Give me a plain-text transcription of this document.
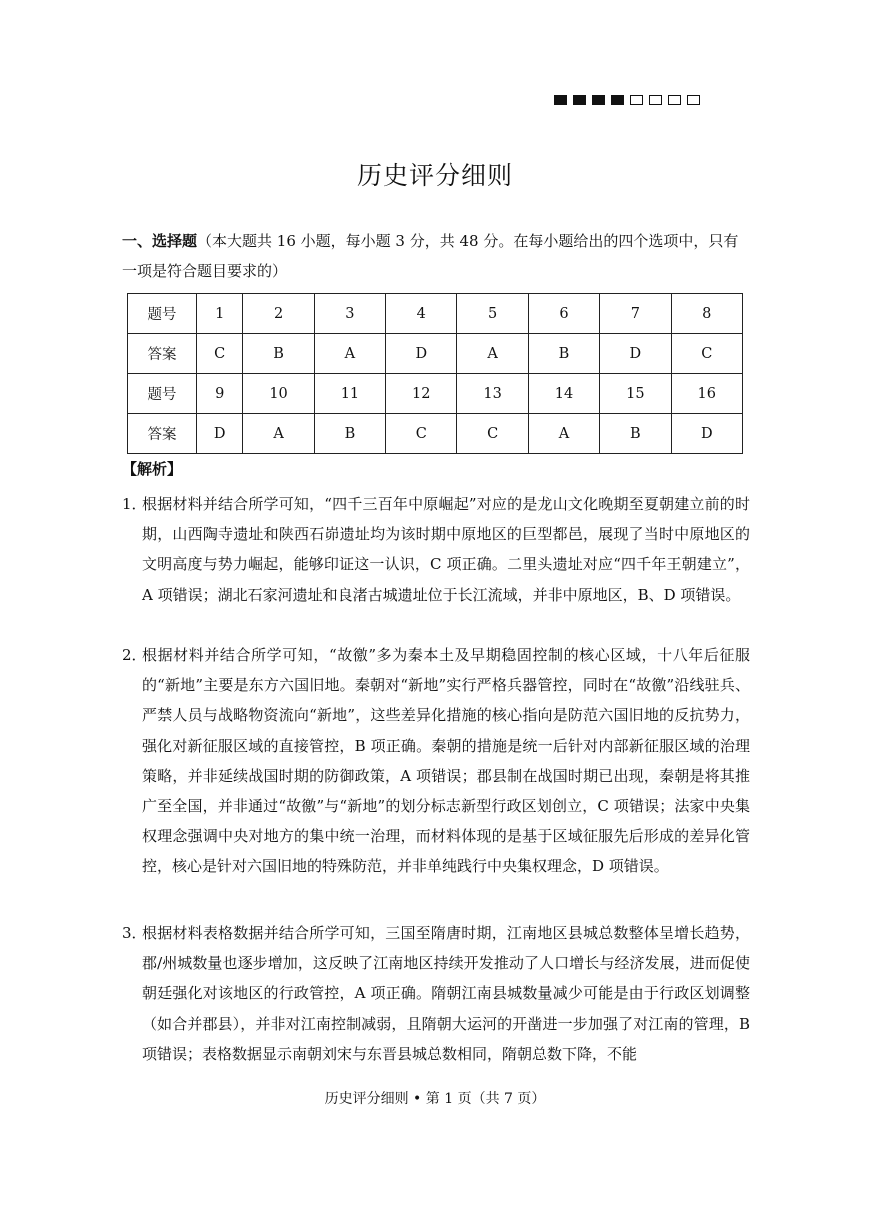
历史评分细则
一、选择题（本大题共 16 小题，每小题 3 分，共 48 分。在每小题给出的四个选项中，只有一项是符合题目要求的）
题号	1	2	3	4	5	6	7	8
答案	C	B	A	D	A	B	D	C
题号	9	10	11	12	13	14	15	16
答案	D	A	B	C	C	A	B	D
【解析】
1．
根据材料并结合所学可知，“四千三百年中原崛起”对应的是龙山文化晚期至夏朝建立前的时期，山西陶寺遗址和陕西石峁遗址均为该时期中原地区的巨型都邑，展现了当时中原地区的文明高度与势力崛起，能够印证这一认识，C 项正确。二里头遗址对应“四千年王朝建立”，A 项错误；湖北石家河遗址和良渚古城遗址位于长江流域，并非中原地区，B、D 项错误。
2．
根据材料并结合所学可知，“故徼”多为秦本土及早期稳固控制的核心区域，十八年后征服的“新地”主要是东方六国旧地。秦朝对“新地”实行严格兵器管控，同时在“故徼”沿线驻兵、严禁人员与战略物资流向“新地”，这些差异化措施的核心指向是防范六国旧地的反抗势力，强化对新征服区域的直接管控，B 项正确。秦朝的措施是统一后针对内部新征服区域的治理策略，并非延续战国时期的防御政策，A 项错误；郡县制在战国时期已出现，秦朝是将其推广至全国，并非通过“故徼”与“新地”的划分标志新型行政区划创立，C 项错误；法家中央集权理念强调中央对地方的集中统一治理，而材料体现的是基于区域征服先后形成的差异化管控，核心是针对六国旧地的特殊防范，并非单纯践行中央集权理念，D 项错误。
3．
根据材料表格数据并结合所学可知，三国至隋唐时期，江南地区县城总数整体呈增长趋势，郡/州城数量也逐步增加，这反映了江南地区持续开发推动了人口增长与经济发展，进而促使朝廷强化对该地区的行政管控，A 项正确。隋朝江南县城数量减少可能是由于行政区划调整（如合并郡县），并非对江南控制减弱，且隋朝大运河的开凿进一步加强了对江南的管理，B 项错误；表格数据显示南朝刘宋与东晋县城总数相同，隋朝总数下降，不能
历史评分细则 • 第 1 页（共 7 页）
